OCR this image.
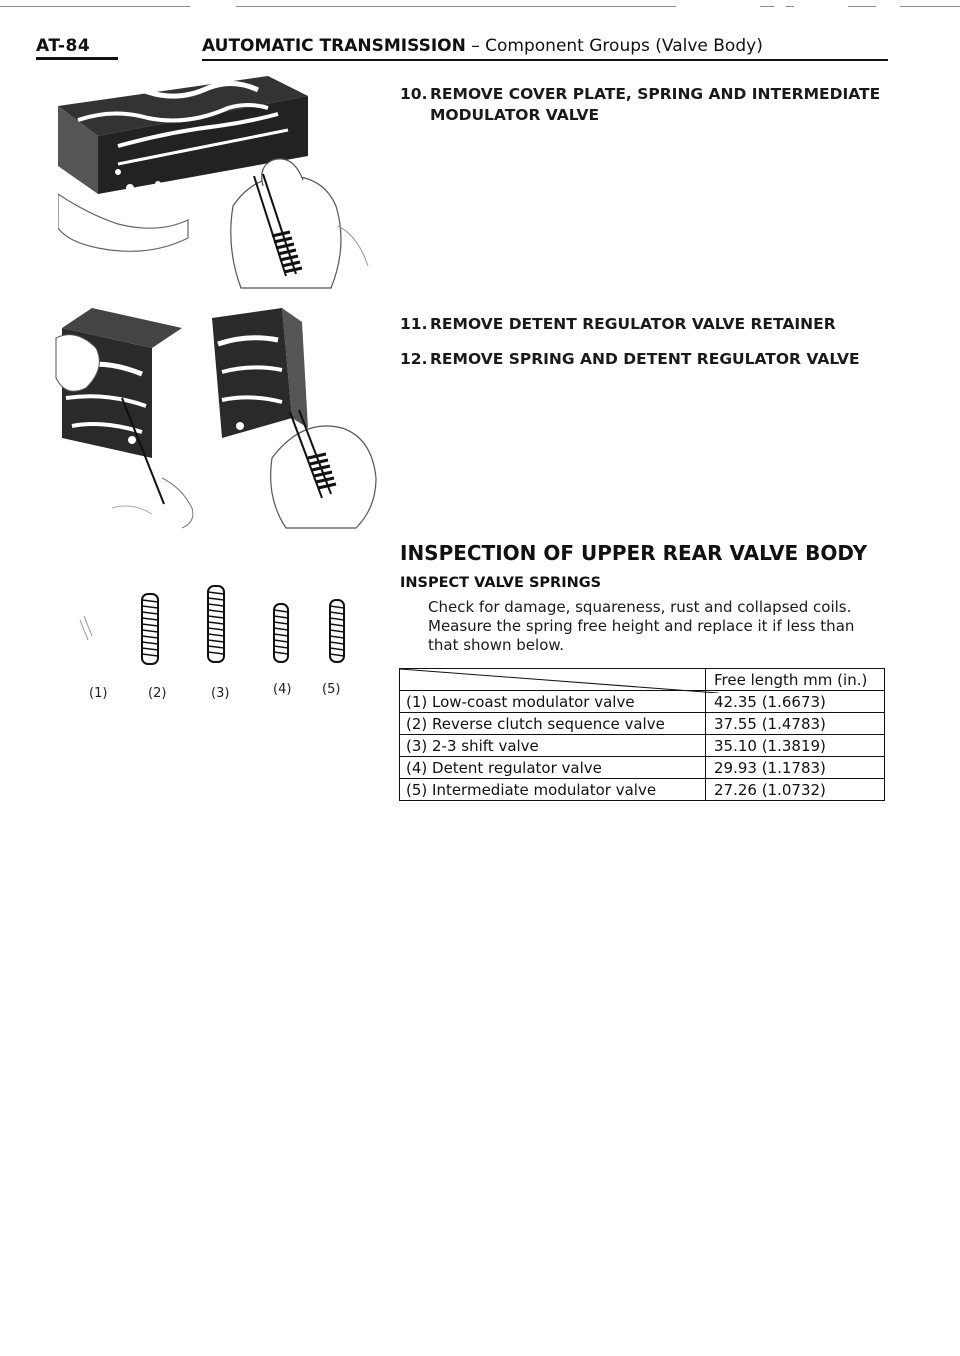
AT-84	AUTOMATIC TRANSMISSION – Component Groups (Valve Body)
(1)	(2)	(3)	(4) (5)
10. REMOVE COVER PLATE, SPRING AND INTERMEDIATE MODULATOR VALVE
11. REMOVE DETENT REGULATOR VALVE RETAINER
12. REMOVE SPRING AND DETENT REGULATOR VALVE
INSPECTION OF UPPER REAR VALVE BODY
INSPECT VALVE SPRINGS
Check for damage, squareness, rust and collapsed coils. Measure the spring free height and replace it if less than that shown below.
	Free length mm (in.)
(1) Low-coast modulator valve	42.35 (1.6673)
(2) Reverse clutch sequence valve	37.55 (1.4783)
(3) 2-3 shift valve	35.10 (1.3819)
(4) Detent regulator valve	29.93 (1.1783)
(5) Intermediate modulator valve	27.26 (1.0732)
